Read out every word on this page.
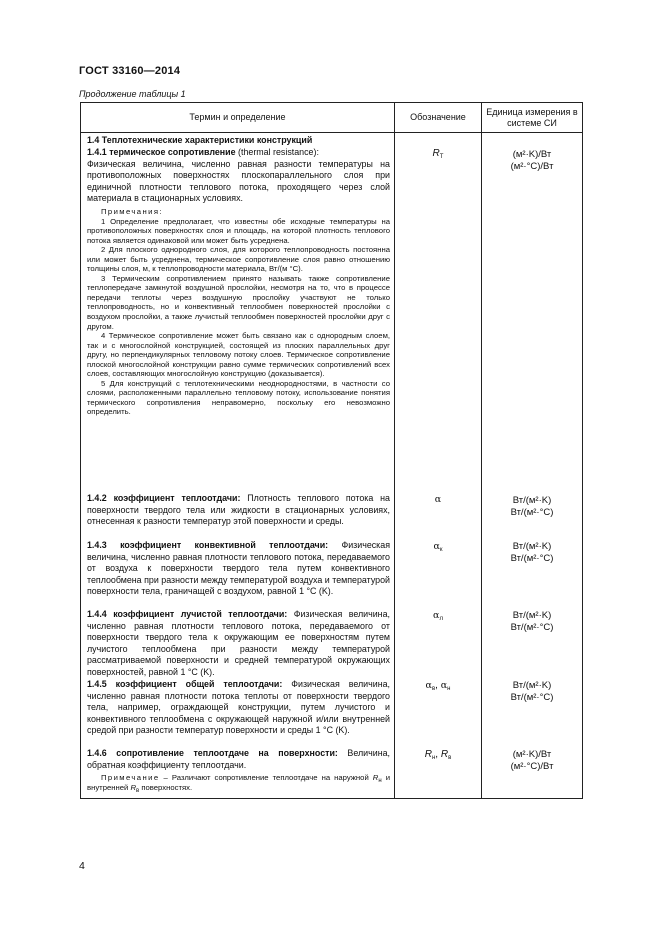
ГОСТ 33160—2014
Продолжение таблицы 1
Термин и определение	Обозначение
Единица измерения в системе СИ
1.4 Теплотехнические характеристики конструкций

1.4.1 термическое сопротивление (thermal resistance):

Физическая величина, численно равная разности температуры на противоположных поверхностях плоскопараллельного слоя при единичной плотности теплового потока, проходящего через слой материала в стационарных условиях.

Примечания:

1 Определение предполагает, что известны обе исходные температуры на противоположных поверхностях слоя и площадь, на которой плотность теплового потока является одинаковой или может быть усреднена.

2 Для плоского однородного слоя, для которого теплопроводность постоянна или может быть усреднена, термическое сопротивление слоя равно отношению толщины слоя, м, к теплопроводности материала, Вт/(м °С).

3 Термическим сопротивлением принято называть также сопротивление теплопередаче замкнутой воздушной прослойки, несмотря на то, что в процессе передачи теплоты через воздушную прослойку участвуют не только теплопроводность, но и конвективный теплообмен поверхностей прослойки с воздухом прослойки, а также лучистый теплообмен поверхностей прослойки друг с другом.

4 Термическое сопротивление может быть связано как с однородным слоем, так и с многослойной конструкцией, состоящей из плоских параллельных друг другу, но перпендикулярных тепловому потоку слоев. Термическое сопротивление плоской многослойной конструкции равно сумме термических сопротивлений всех слоев, составляющих многослойную конструкцию (доказывается).

5 Для конструкций с теплотехническими неоднородностями, в частности со слоями, расположенными параллельно тепловому потоку, использование понятия термического сопротивления неправомерно, поскольку его невозможно определить.

$R_T$	(м²·K)/Вт

(м²·°С)/Вт

1.4.2 коэффициент теплоотдачи: Плотность теплового потока на поверхности твердого тела или жидкости в стационарных условиях, отнесенная к разности температур этой поверхности и среды.

α	Вт/(м²·K)

Вт/(м²·°С)

1.4.3 коэффициент конвективной теплоотдачи: Физическая величина, численно равная плотности теплового потока, передаваемого от воздуха к поверхности твердого тела путем конвективного теплообмена при разности между температурой воздуха и температурой поверхности тела, граничащей с воздухом, равной 1 °С (K).

$\alpha_к$	Вт/(м²·K)

Вт/(м²·°С)

1.4.4 коэффициент лучистой теплоотдачи: Физическая величина, численно равная плотности теплового потока, передаваемого от поверхности твердого тела к окружающим ее поверхностям путем лучистого теплообмена при разности между температурой рассматриваемой поверхности и средней температурой окружающих поверхностей, равной 1 °С (K).

$\alpha_л$	Вт/(м²·K)

Вт/(м²·°С)

1.4.5 коэффициент общей теплоотдачи: Физическая величина, численно равная плотности потока теплоты от поверхности твердого тела, например, ограждающей конструкции, путем лучистого и конвективного теплообмена с окружающей наружной и/или внутренней средой при разности температур поверхности и среды 1 °С (K).

$\alpha_в$, $\alpha_н$	Вт/(м²·K)

Вт/(м²·°С)

1.4.6 сопротивление теплоотдаче на поверхности: Величина, обратная коэффициенту теплоотдачи.

Примечание – Различают сопротивление теплоотдаче на наружной $R_н$ и внутренней $R_в$ поверхностях.

$R_н$, $R_в$	(м²·K)/Вт

(м²·°С)/Вт

4
